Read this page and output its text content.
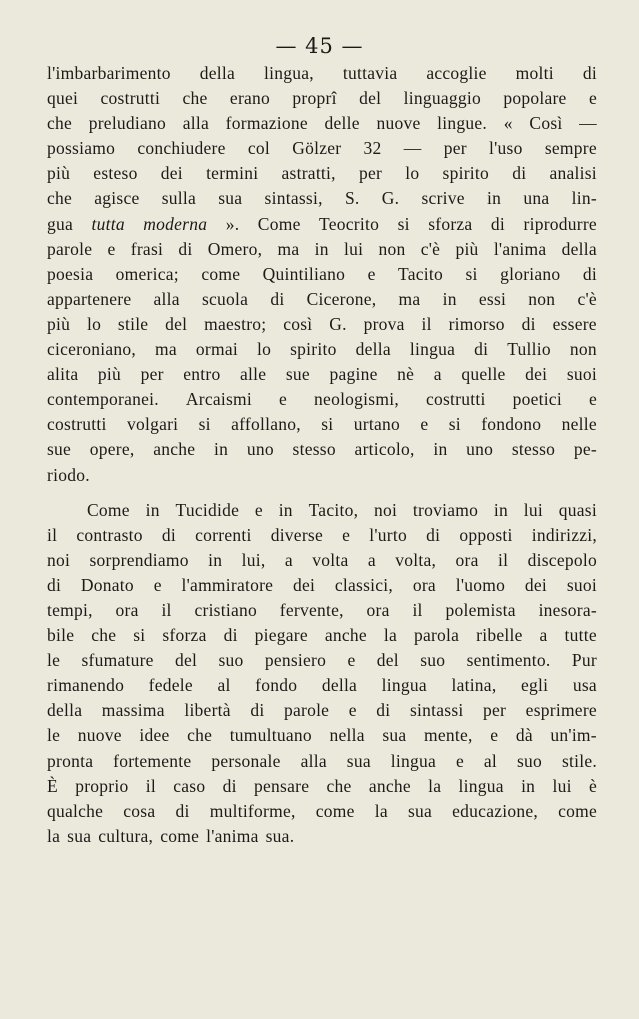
— 45 —
l'imbarbarimento della lingua, tuttavia accoglie molti di
quei costrutti che erano proprî del linguaggio popolare e
che preludiano alla formazione delle nuove lingue. « Così —
possiamo conchiudere col Gölzer 32 — per l'uso sempre
più esteso dei termini astratti, per lo spirito di analisi
che agisce sulla sua sintassi, S. G. scrive in una lin-
gua tutta moderna ». Come Teocrito si sforza di riprodurre
parole e frasi di Omero, ma in lui non c'è più l'anima della
poesia omerica; come Quintiliano e Tacito si gloriano di
appartenere alla scuola di Cicerone, ma in essi non c'è
più lo stile del maestro; così G. prova il rimorso di essere
ciceroniano, ma ormai lo spirito della lingua di Tullio non
alita più per entro alle sue pagine nè a quelle dei suoi
contemporanei. Arcaismi e neologismi, costrutti poetici e
costrutti volgari si affollano, si urtano e si fondono nelle
sue opere, anche in uno stesso articolo, in uno stesso pe-
riodo.
Come in Tucidide e in Tacito, noi troviamo in lui quasi
il contrasto di correnti diverse e l'urto di opposti indirizzi,
noi sorprendiamo in lui, a volta a volta, ora il discepolo
di Donato e l'ammiratore dei classici, ora l'uomo dei suoi
tempi, ora il cristiano fervente, ora il polemista inesora-
bile che si sforza di piegare anche la parola ribelle a tutte
le sfumature del suo pensiero e del suo sentimento. Pur
rimanendo fedele al fondo della lingua latina, egli usa
della massima libertà di parole e di sintassi per esprimere
le nuove idee che tumultuano nella sua mente, e dà un'im-
pronta fortemente personale alla sua lingua e al suo stile.
È proprio il caso di pensare che anche la lingua in lui è
qualche cosa di multiforme, come la sua educazione, come
la sua cultura, come l'anima sua.
